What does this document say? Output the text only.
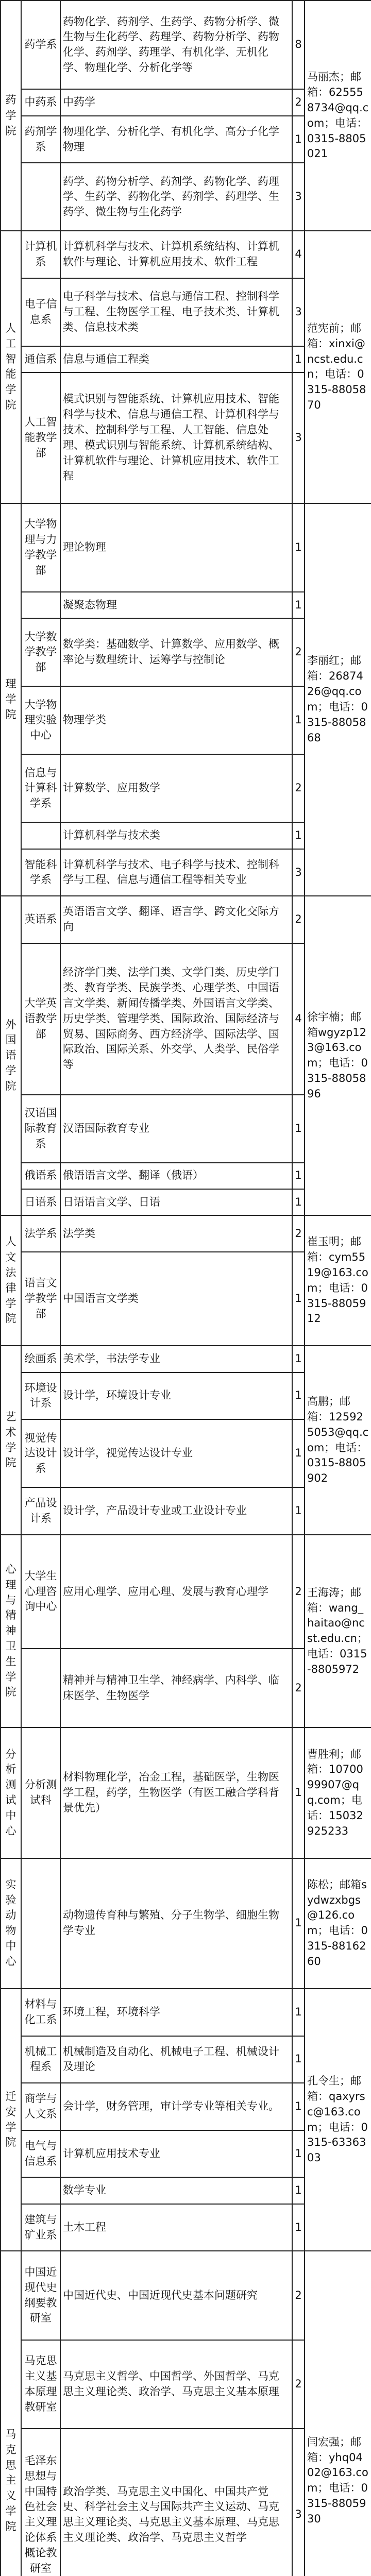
药学院	药学系	药物化学、药剂学、生药学、药物分析学、微生物与生化药学、药理学、药物分析学、药物化学、药剂学、药理学、有机化学、无机化学、物理化学、分析化学等	8	马丽杰；邮箱：625558734@qq.com；电话：0315-8805021
	中药系	中药学	2	
	药剂学系	物理化学、分析化学、有机化学、高分子化学物理	1	
		药学、药物分析学、药剂学、药物化学、药理学、生药学、药物化学、药剂学、药理学、生药学、微生物与生化药学	3	
人工智能学院	计算机系	计算机科学与技术、计算机系统结构、计算机软件与理论、计算机应用技术、软件工程	4	范宪前；邮箱：xinxi@ncst.edu.cn；电话：0315-8805870
	电子信息系	电子科学与技术、信息与通信工程、控制科学与工程、生物医学工程、电子技术类、计算机类、信息技术类	3	
	通信系	信息与通信工程类	1	
	人工智能教学部	模式识别与智能系统、计算机应用技术、智能科学与技术、信息与通信工程、计算机科学与技术、控制科学与工程、人工智能、信息处理、模式识别与智能系统、计算机系统结构、计算机软件与理论、计算机应用技术、软件工程	3	
理学院	大学物理与力学教学部	理论物理	1	李丽红；邮箱：2687426@qq.com；电话：0315-8805868
		凝聚态物理	1	
	大学数学教学部	数学类：基础数学、计算数学、应用数学、概率论与数理统计、运筹学与控制论	2	
	大学物理实验中心	物理学类	1	
	信息与计算科学系	计算数学、应用数学	2	
		计算机科学与技术类	1	
	智能科学系	计算机科学与技术、电子科学与技术、控制科学与工程、信息与通信工程等相关专业	3	
外国语学院	英语系	英语语言文学、翻译、语言学、跨文化交际方向	2	徐宇楠；邮箱wgyzp123@163.com；电话：0315-8805896
	大学英语教学部	经济学门类、法学门类、文学门类、历史学门类、教育学类、民族学类、心理学类、中国语言文学类、新闻传播学类、外国语言文学类、历史学类、管理学类、国际政治、国际经济与贸易、国际商务、西方经济学、国际法学、国际政治、国际关系、外交学、人类学、民俗学等	4	
	汉语国际教育系	汉语国际教育专业	1	
	俄语系	俄语语言文学、翻译（俄语）	1	
	日语系	日语语言文学、日语	1	
人文法律学院	法学系	法学类	2	崔玉明；邮箱：cym5519@163.com；电话：0315-8805912
	语言文学教学部	中国语言文学类	1	
艺术学院	绘画系	美术学，书法学专业	1	高鹏；邮箱：125925053@qq.com；电话：0315-8805902
	环境设计系	设计学，环境设计专业	1	
	视觉传达设计系	设计学，视觉传达设计专业	1	
	产品设计系	设计学，产品设计专业或工业设计专业	1	
心理与精神卫生学院	大学生心理咨询中心	应用心理学、应用心理、发展与教育心理学	2	王海涛；邮箱：wang_haitao@ncst.edu.cn；电话：0315-8805972
		精神并与精神卫生学、神经病学、内科学、临床医学、生物医学	2	
分析测试中心	分析测试科	材料物理化学，冶金工程，基础医学，生物医学工程，药学，生物医学（有医工融合学科背景优先）	1	曹胜利；邮箱：1070099907@qq.com；电话：15032925233
实验动物中心		动物遗传育种与繁殖、分子生物学、细胞生物学专业	1	陈松；邮箱sydwzxbgs@126.com；电话：0315-8816260
迁安学院	材料与化工系	环境工程，环境科学	1	孔令生；邮箱：qaxyrsc@163.com；电话：0315-6336303
	机械工程系	机械制造及自动化、机械电子工程、机械设计及理论	1	
	商学与人文系	会计学，财务管理，审计学专业等相关专业。	1	
	电气与信息系	计算机应用技术专业	1	
		数学专业	1	
	建筑与矿业系	土木工程	1	
马克思主义学院	中国近现代史纲要教研室	中国近代史、中国近现代史基本问题研究	2	闫宏强；邮箱：yhq0402@163.com；电话：0315-8805930
	马克思主义基本原理教研室	马克思主义哲学、中国哲学、外国哲学、马克思主义理论类、政治学、马克思主义基本原理	2	
	毛泽东思想与中国特色社会主义理论体系概论教研室	政治学类、马克思主义中国化、中国共产党史、科学社会主义与国际共产主义运动、马克思主义理论类、马克思主义基本原理、马克思主义理论类、政治学、马克思主义哲学	3	
